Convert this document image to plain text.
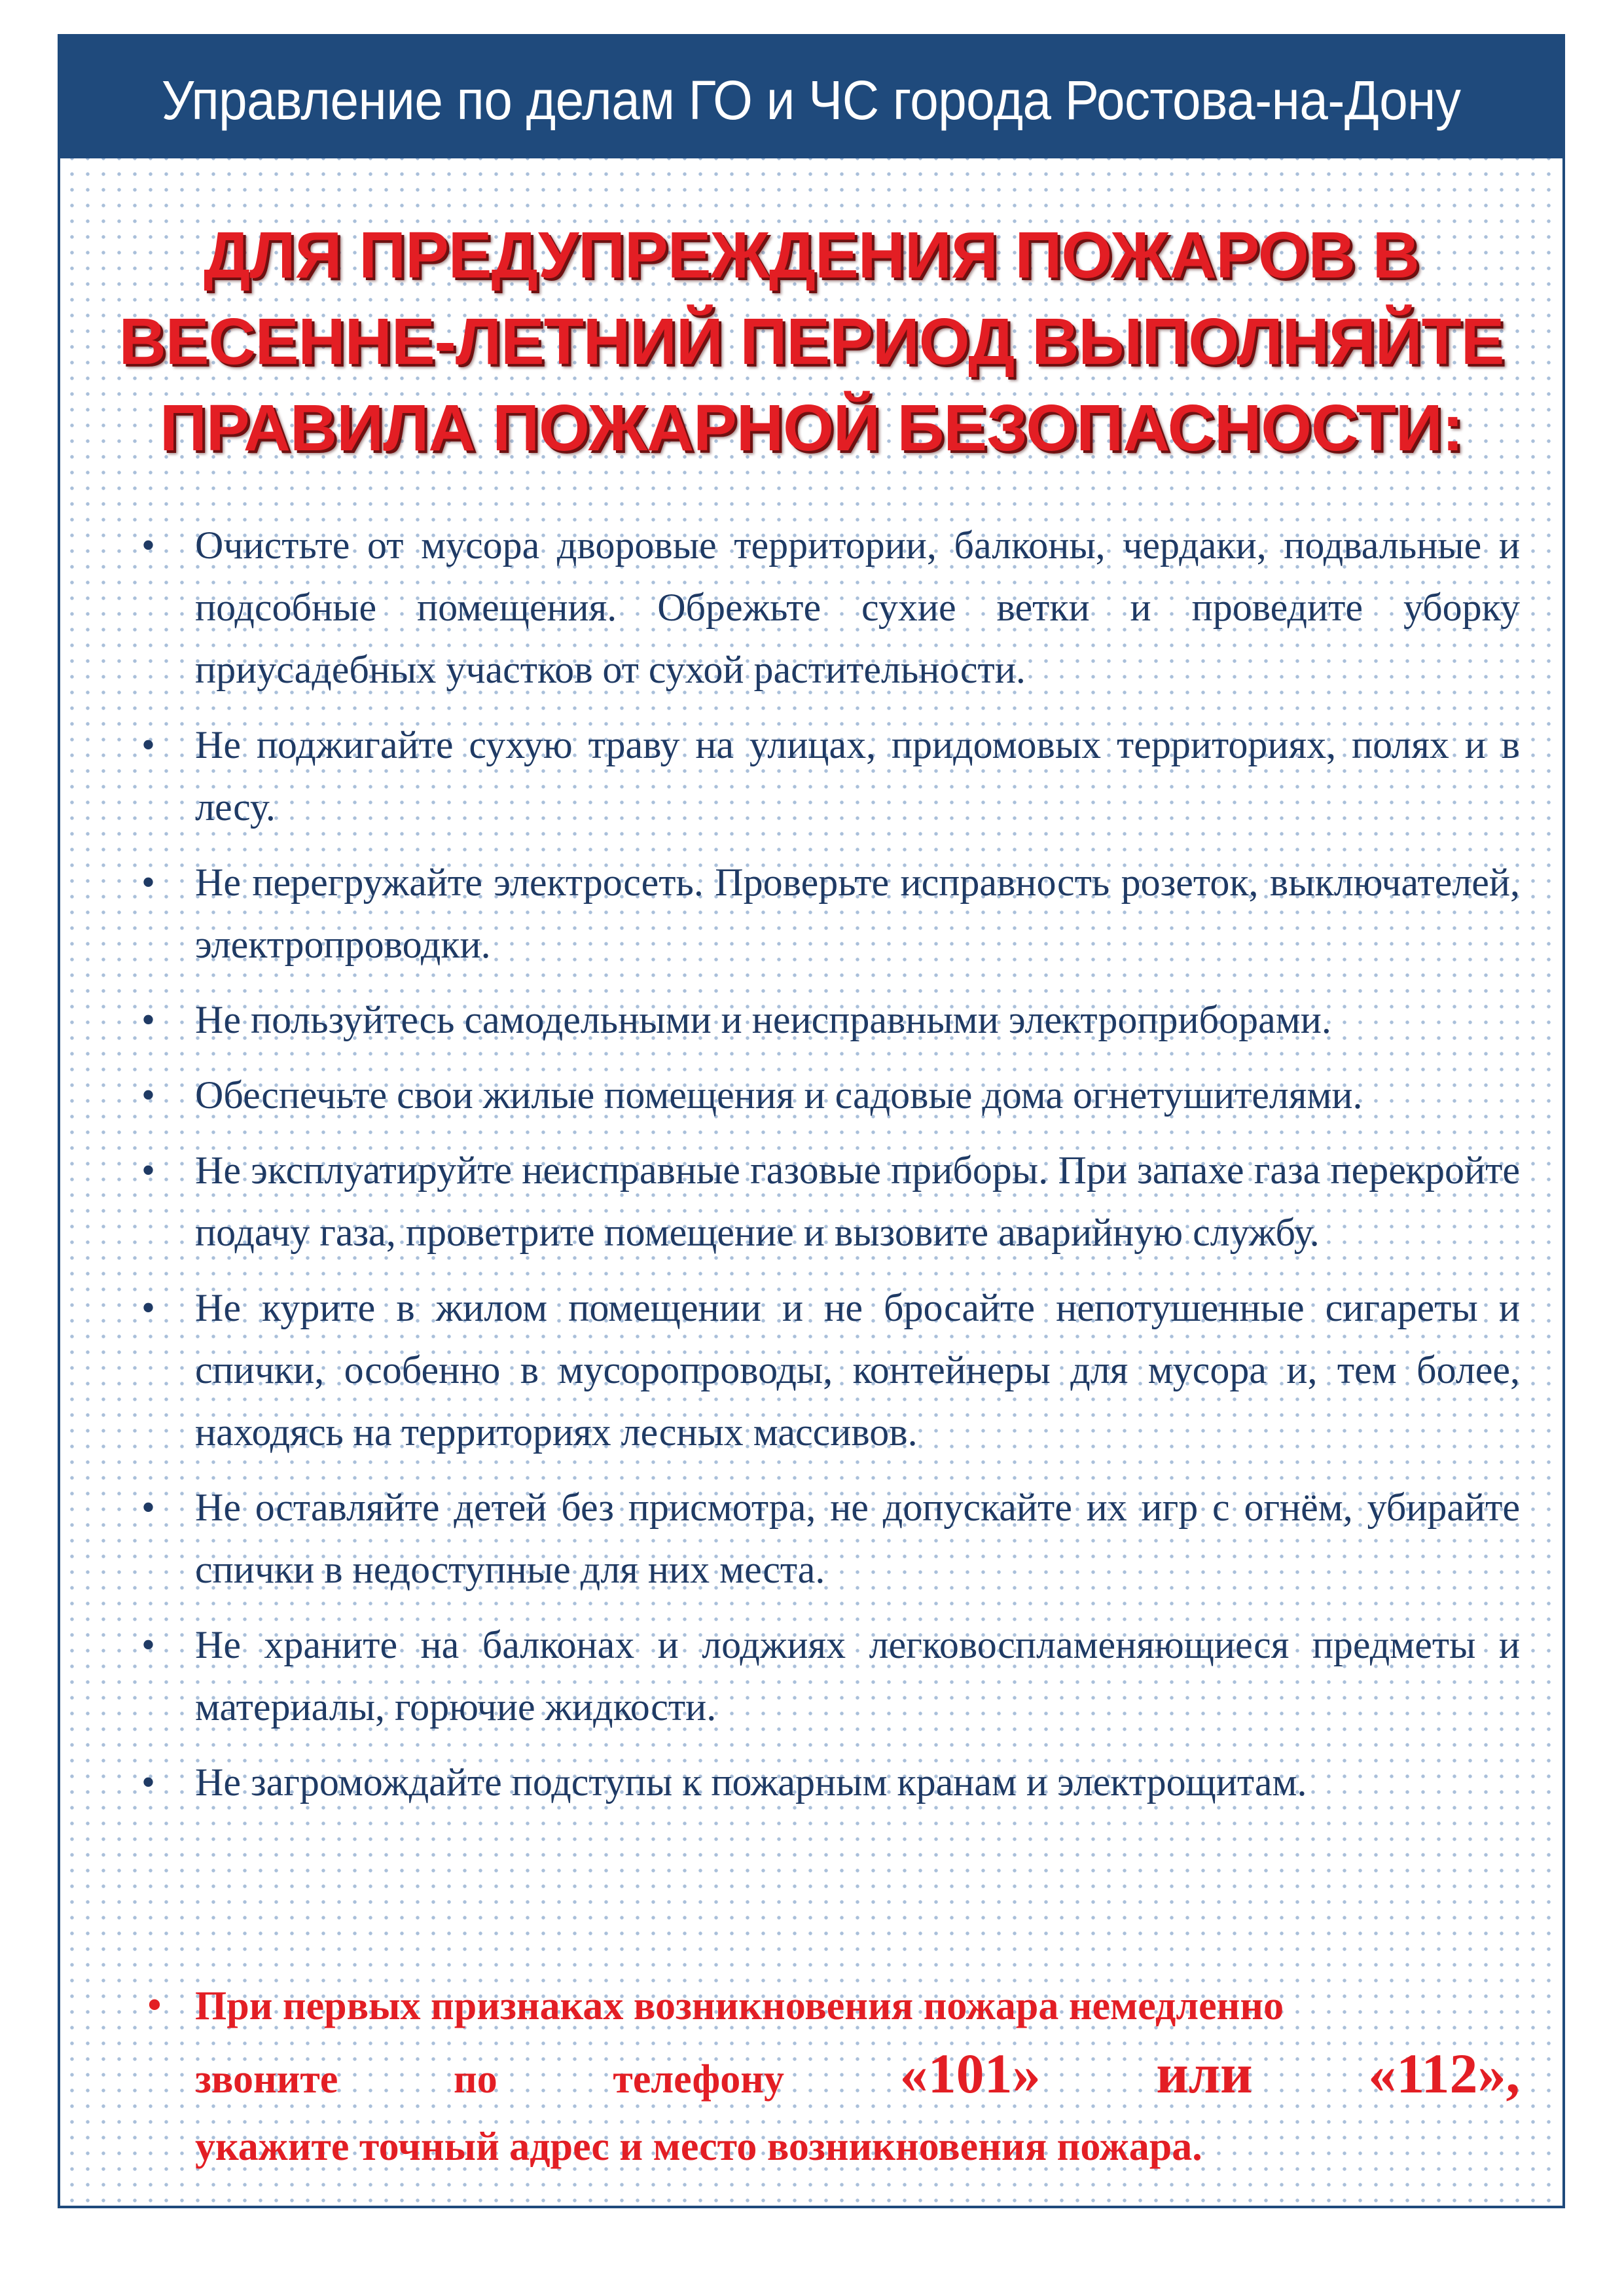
Управление по делам ГО и ЧС города Ростова-на-Дону
ДЛЯ ПРЕДУПРЕЖДЕНИЯ ПОЖАРОВ В
ВЕСЕННЕ-ЛЕТНИЙ ПЕРИОД ВЫПОЛНЯЙТЕ
ПРАВИЛА ПОЖАРНОЙ БЕЗОПАСНОСТИ:
•	Очистьте от мусора дворовые территории, балконы, чердаки, подвальные и подсобные помещения. Обрежьте сухие ветки и проведите уборку приусадебных участков от сухой растительности.
•	Не поджигайте сухую траву на улицах, придомовых территориях, полях и в лесу.
•	Не перегружайте электросеть. Проверьте исправность розеток, выключателей, электропроводки.
•	Не пользуйтесь самодельными и неисправными электроприборами.
•	Обеспечьте свои жилые помещения и садовые дома огнетушителями.
•	Не эксплуатируйте неисправные газовые приборы. При запахе газа перекройте подачу газа, проветрите помещение и вызовите аварийную службу.
•	Не курите в жилом помещении и не бросайте непотушенные сигареты и спички, особенно в мусоропроводы, контейнеры для мусора и, тем более, находясь на территориях лесных массивов.
•	Не оставляйте детей без присмотра, не допускайте их игр с огнём, убирайте спички в недоступные для них места.
•	Не храните на балконах и лоджиях легковоспламеняющиеся предметы и материалы, горючие жидкости.
•	Не загромождайте подступы к пожарным кранам и электрощитам.
• При первых признаках возникновения пожара немедленно
звоните	по	телефону «101» или «112»,
укажите точный адрес и место возникновения пожара.
